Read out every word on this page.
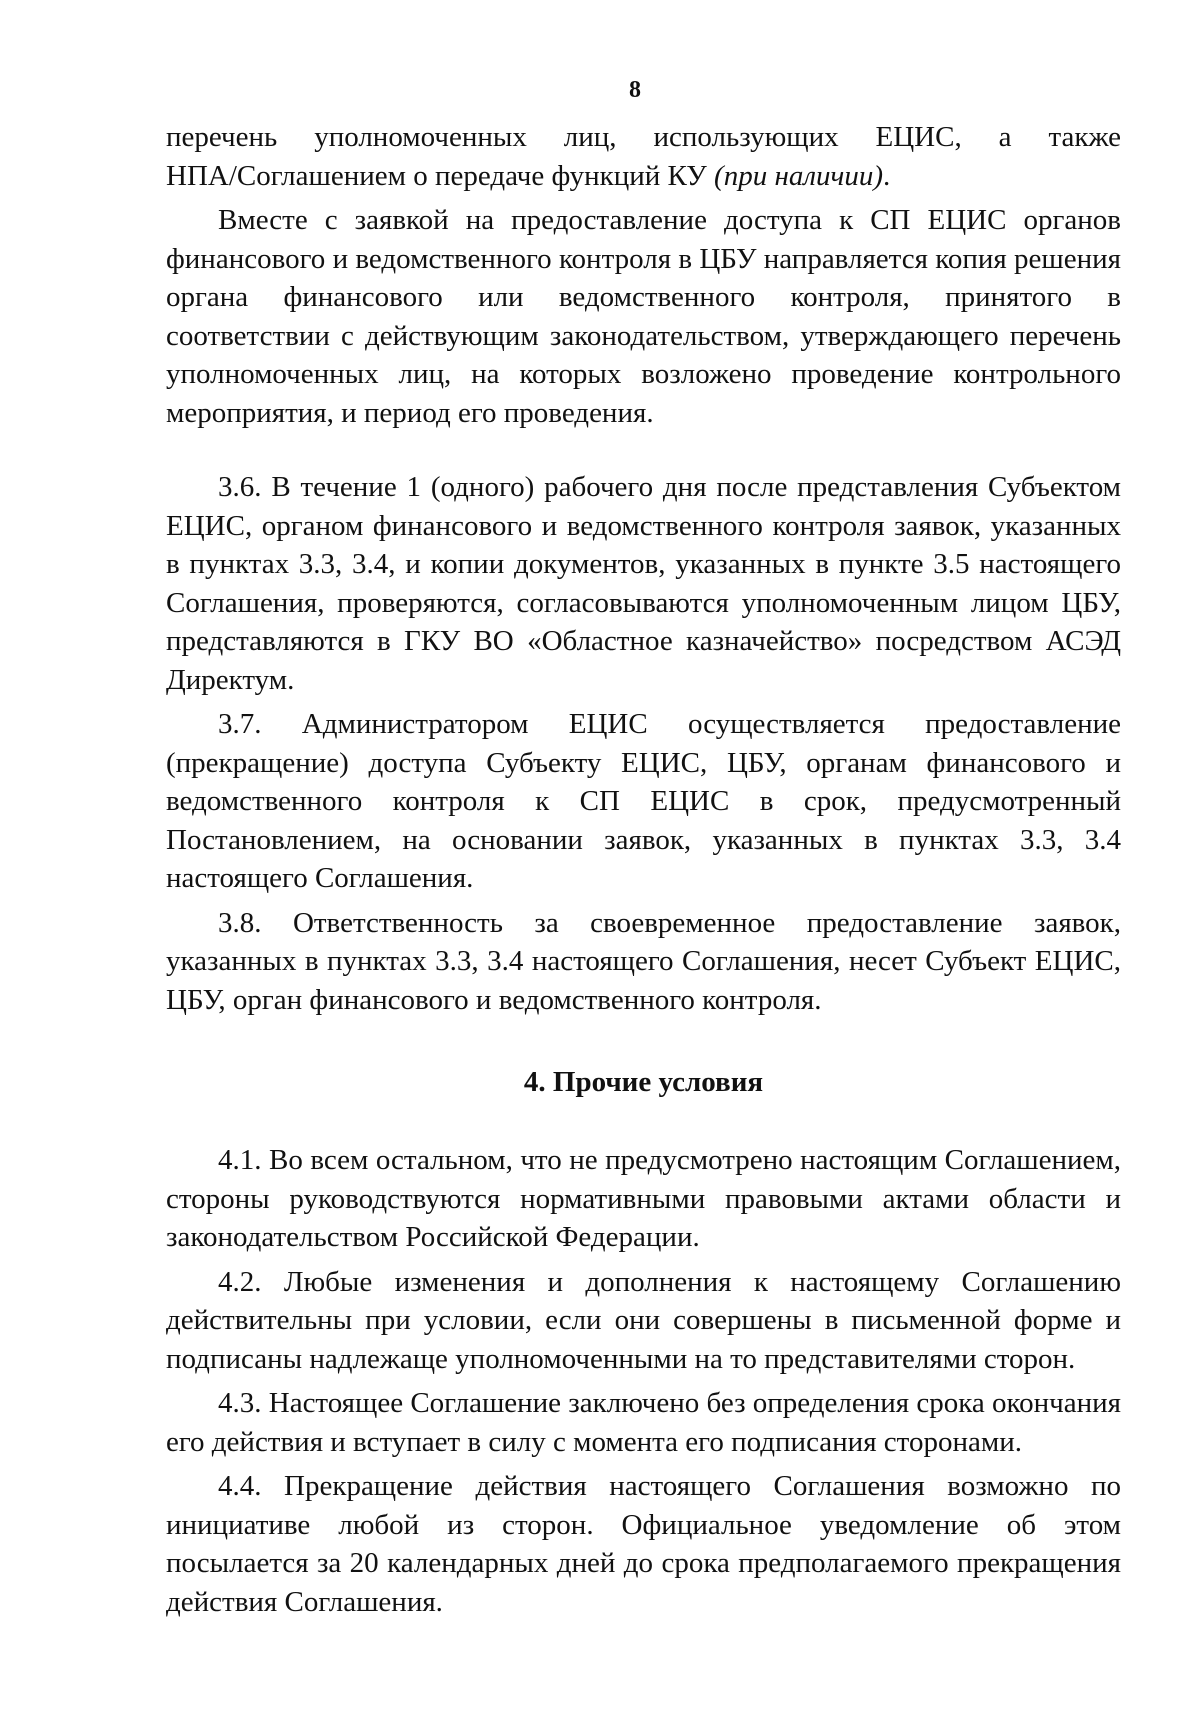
8

перечень уполномоченных лиц, использующих ЕЦИС, а также
НПА/Соглашением о передаче функций КУ (при наличии).

Вместе с заявкой на предоставление доступа к СП ЕЦИС органов финансового и ведомственного контроля в ЦБУ направляется копия решения органа финансового или ведомственного контроля, принятого в соответствии с действующим законодательством, утверждающего перечень уполномоченных лиц, на которых возложено проведение контрольного мероприятия, и период его проведения.

3.6. В течение 1 (одного) рабочего дня после представления Субъектом ЕЦИС, органом финансового и ведомственного контроля заявок, указанных в пунктах 3.3, 3.4, и копии документов, указанных в пункте 3.5 настоящего Соглашения, проверяются, согласовываются уполномоченным лицом ЦБУ, представляются в ГКУ ВО «Областное казначейство» посредством АСЭД Директум.

3.7. Администратором ЕЦИС осуществляется предоставление (прекращение) доступа Субъекту ЕЦИС, ЦБУ, органам финансового и ведомственного контроля к СП ЕЦИС в срок, предусмотренный Постановлением, на основании заявок, указанных в пунктах 3.3, 3.4 настоящего Соглашения.

3.8. Ответственность за своевременное предоставление заявок, указанных в пунктах 3.3, 3.4 настоящего Соглашения, несет Субъект ЕЦИС, ЦБУ, орган финансового и ведомственного контроля.

4. Прочие условия

4.1. Во всем остальном, что не предусмотрено настоящим Соглашением, стороны руководствуются нормативными правовыми актами области и законодательством Российской Федерации.

4.2. Любые изменения и дополнения к настоящему Соглашению действительны при условии, если они совершены в письменной форме и подписаны надлежаще уполномоченными на то представителями сторон.

4.3. Настоящее Соглашение заключено без определения срока окончания его действия и вступает в силу с момента его подписания сторонами.

4.4. Прекращение действия настоящего Соглашения возможно по инициативе любой из сторон. Официальное уведомление об этом посылается за 20 календарных дней до срока предполагаемого прекращения действия Соглашения.
